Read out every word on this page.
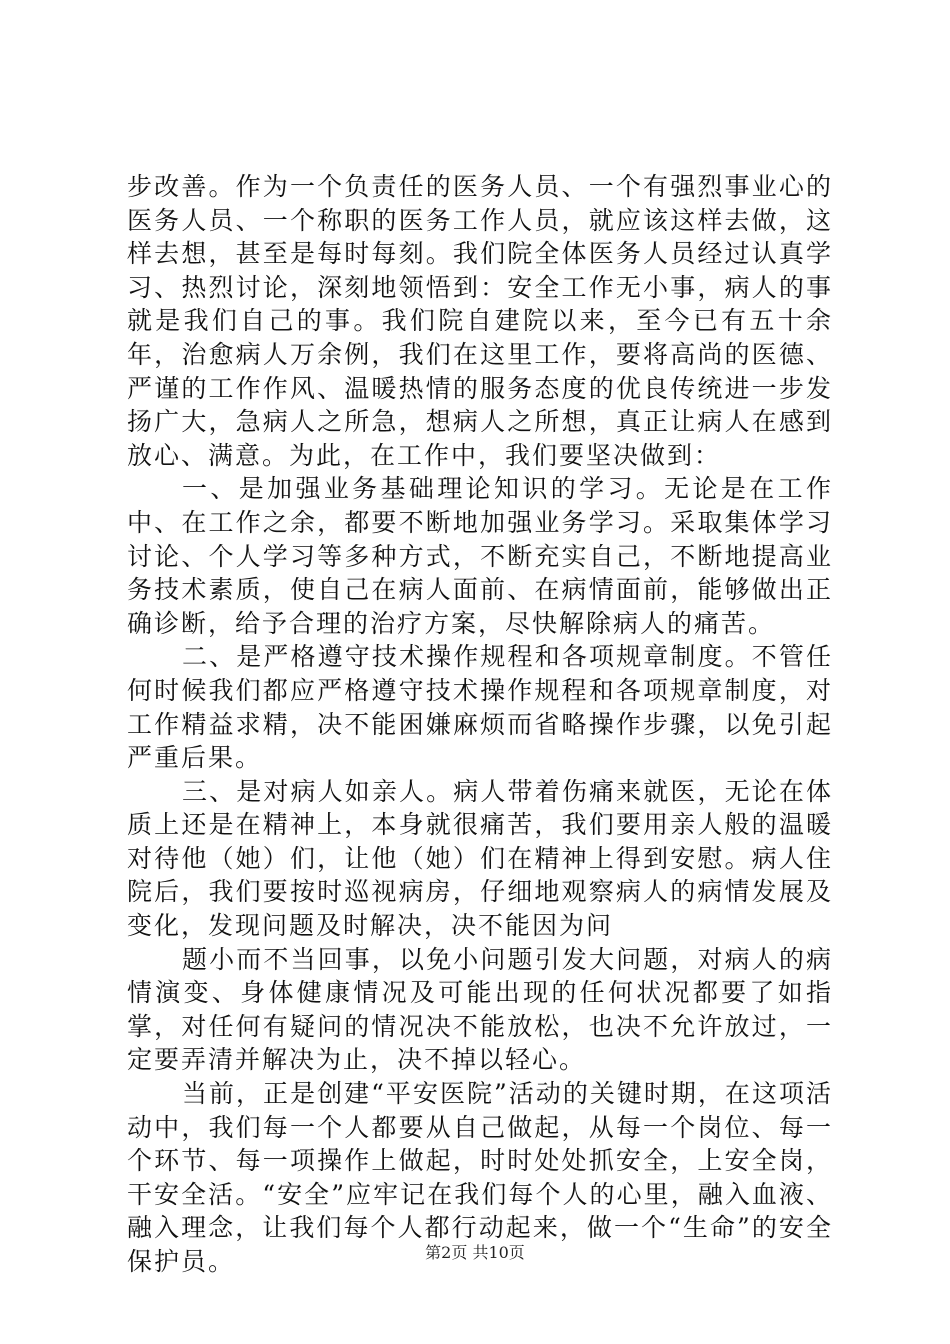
步改善。作为一个负责任的医务人员、一个有强烈事业心的医务人员、一个称职的医务工作人员，就应该这样去做，这样去想，甚至是每时每刻。我们院全体医务人员经过认真学习、热烈讨论，深刻地领悟到：安全工作无小事，病人的事就是我们自己的事。我们院自建院以来，至今已有五十余年，治愈病人万余例，我们在这里工作，要将高尚的医德、严谨的工作作风、温暖热情的服务态度的优良传统进一步发扬广大，急病人之所急，想病人之所想，真正让病人在感到放心、满意。为此，在工作中，我们要坚决做到：

一、是加强业务基础理论知识的学习。无论是在工作中、在工作之余，都要不断地加强业务学习。采取集体学习讨论、个人学习等多种方式，不断充实自己，不断地提高业务技术素质，使自己在病人面前、在病情面前，能够做出正确诊断，给予合理的治疗方案，尽快解除病人的痛苦。

二、是严格遵守技术操作规程和各项规章制度。不管任何时候我们都应严格遵守技术操作规程和各项规章制度，对工作精益求精，决不能困嫌麻烦而省略操作步骤，以免引起严重后果。

三、是对病人如亲人。病人带着伤痛来就医，无论在体质上还是在精神上，本身就很痛苦，我们要用亲人般的温暖对待他（她）们，让他（她）们在精神上得到安慰。病人住院后，我们要按时巡视病房，仔细地观察病人的病情发展及变化，发现问题及时解决，决不能因为问

题小而不当回事，以免小问题引发大问题，对病人的病情演变、身体健康情况及可能出现的任何状况都要了如指掌，对任何有疑问的情况决不能放松，也决不允许放过，一定要弄清并解决为止，决不掉以轻心。

当前，正是创建“平安医院”活动的关键时期，在这项活动中，我们每一个人都要从自己做起，从每一个岗位、每一个环节、每一项操作上做起，时时处处抓安全，上安全岗，干安全活。“安全”应牢记在我们每个人的心里，融入血液、融入理念，让我们每个人都行动起来，做一个“生命”的安全保护员。	第2页 共10页
